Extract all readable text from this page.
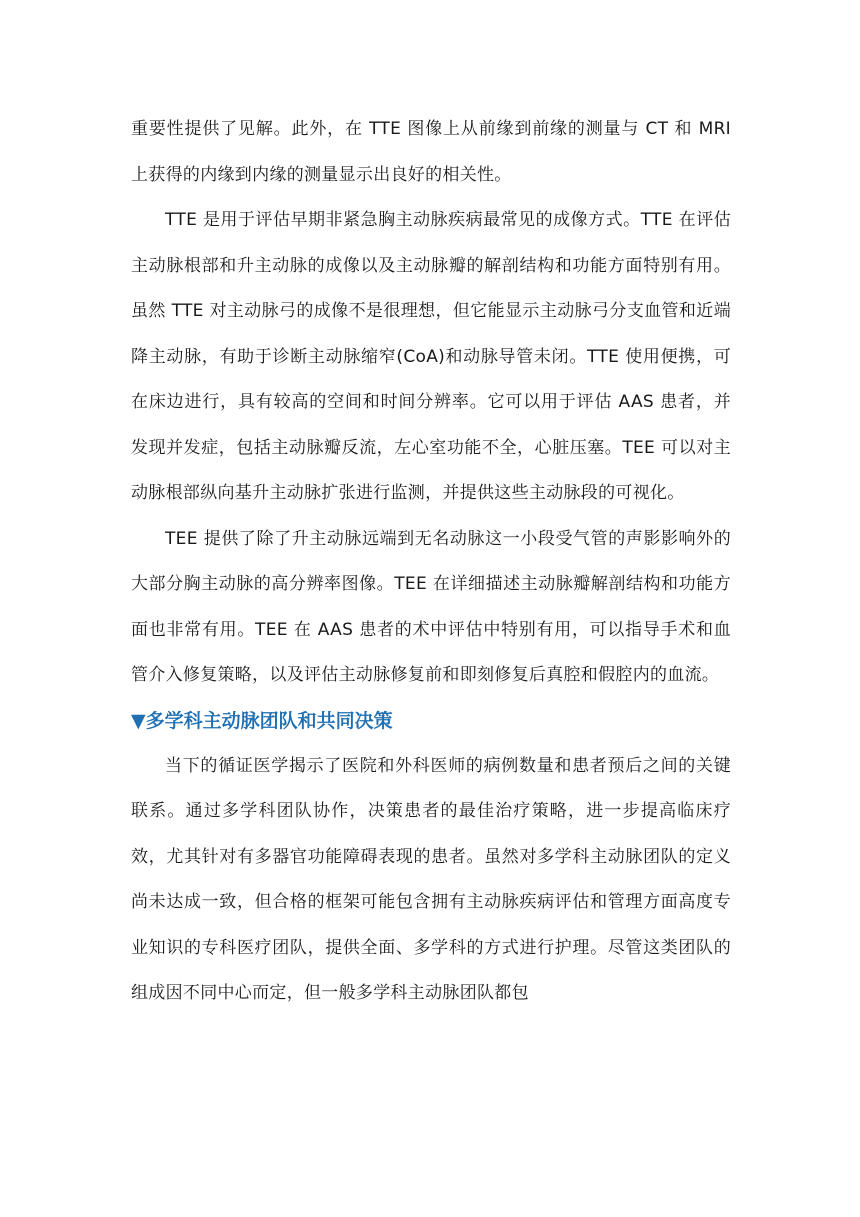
重要性提供了见解。此外，在 TTE 图像上从前缘到前缘的测量与 CT 和 MRI 上获得的内缘到内缘的测量显示出良好的相关性。

TTE 是用于评估早期非紧急胸主动脉疾病最常见的成像方式。TTE 在评估主动脉根部和升主动脉的成像以及主动脉瓣的解剖结构和功能方面特别有用。虽然 TTE 对主动脉弓的成像不是很理想，但它能显示主动脉弓分支血管和近端降主动脉，有助于诊断主动脉缩窄(CoA)和动脉导管未闭。TTE 使用便携，可在床边进行，具有较高的空间和时间分辨率。它可以用于评估 AAS 患者，并发现并发症，包括主动脉瓣反流，左心室功能不全，心脏压塞。TEE 可以对主动脉根部纵向基升主动脉扩张进行监测，并提供这些主动脉段的可视化。

TEE 提供了除了升主动脉远端到无名动脉这一小段受气管的声影影响外的大部分胸主动脉的高分辨率图像。TEE 在详细描述主动脉瓣解剖结构和功能方面也非常有用。TEE 在 AAS 患者的术中评估中特别有用，可以指导手术和血管介入修复策略，以及评估主动脉修复前和即刻修复后真腔和假腔内的血流。

▼多学科主动脉团队和共同决策

当下的循证医学揭示了医院和外科医师的病例数量和患者预后之间的关键联系。通过多学科团队协作，决策患者的最佳治疗策略，进一步提高临床疗效，尤其针对有多器官功能障碍表现的患者。虽然对多学科主动脉团队的定义尚未达成一致，但合格的框架可能包含拥有主动脉疾病评估和管理方面高度专业知识的专科医疗团队，提供全面、多学科的方式进行护理。尽管这类团队的组成因不同中心而定，但一般多学科主动脉团队都包
